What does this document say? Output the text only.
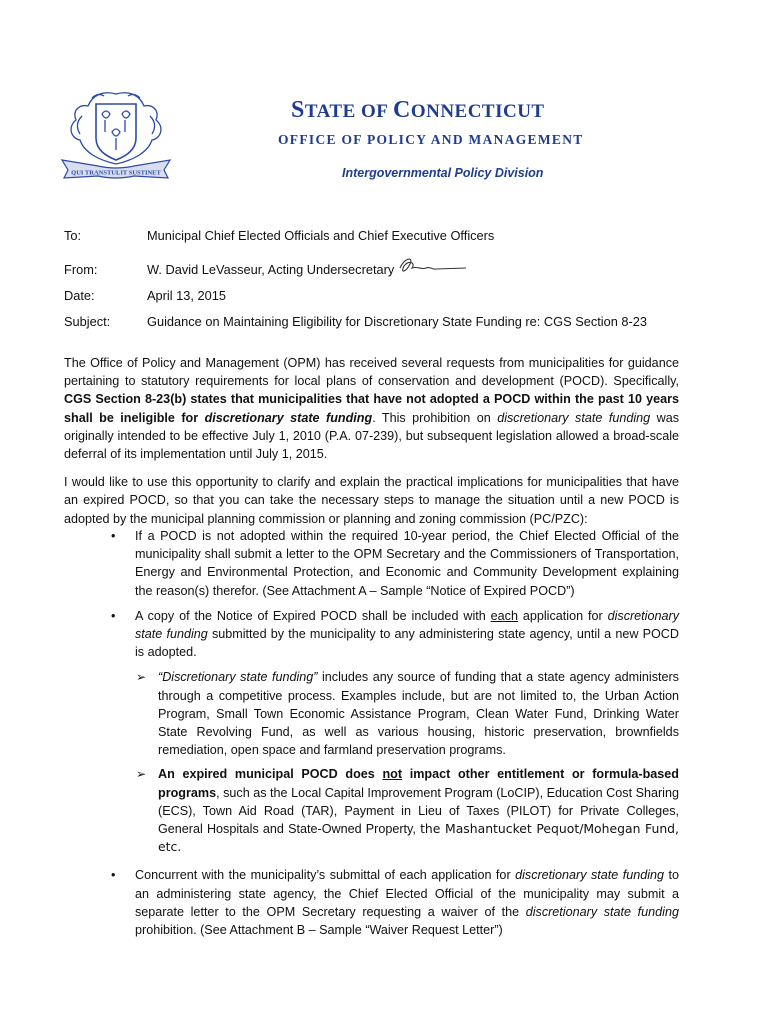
QUI TRANSTULIT SUSTINET
STATE OF CONNECTICUT
OFFICE OF POLICY AND MANAGEMENT
Intergovernmental Policy Division
To:	Municipal Chief Elected Officials and Chief Executive Officers
From:	W. David LeVasseur, Acting Undersecretary
Date:	April 13, 2015
Subject:	Guidance on Maintaining Eligibility for Discretionary State Funding re: CGS Section 8-23

The Office of Policy and Management (OPM) has received several requests from municipalities for guidance pertaining to statutory requirements for local plans of conservation and development (POCD). Specifically, CGS Section 8-23(b) states that municipalities that have not adopted a POCD within the past 10 years shall be ineligible for discretionary state funding. This prohibition on discretionary state funding was originally intended to be effective July 1, 2010 (P.A. 07-239), but subsequent legislation allowed a broad-scale deferral of its implementation until July 1, 2015.

I would like to use this opportunity to clarify and explain the practical implications for municipalities that have an expired POCD, so that you can take the necessary steps to manage the situation until a new POCD is adopted by the municipal planning commission or planning and zoning commission (PC/PZC):

• If a POCD is not adopted within the required 10-year period, the Chief Elected Official of the municipality shall submit a letter to the OPM Secretary and the Commissioners of Transportation, Energy and Environmental Protection, and Economic and Community Development explaining the reason(s) therefor. (See Attachment A – Sample “Notice of Expired POCD”)
• A copy of the Notice of Expired POCD shall be included with each application for discretionary state funding submitted by the municipality to any administering state agency, until a new POCD is adopted.
➢ “Discretionary state funding” includes any source of funding that a state agency administers through a competitive process. Examples include, but are not limited to, the Urban Action Program, Small Town Economic Assistance Program, Clean Water Fund, Drinking Water State Revolving Fund, as well as various housing, historic preservation, brownfields remediation, open space and farmland preservation programs.
➢ An expired municipal POCD does not impact other entitlement or formula-based programs, such as the Local Capital Improvement Program (LoCIP), Education Cost Sharing (ECS), Town Aid Road (TAR), Payment in Lieu of Taxes (PILOT) for Private Colleges, General Hospitals and State-Owned Property, the Mashantucket Pequot/Mohegan Fund, etc.
• Concurrent with the municipality’s submittal of each application for discretionary state funding to an administering state agency, the Chief Elected Official of the municipality may submit a separate letter to the OPM Secretary requesting a waiver of the discretionary state funding prohibition. (See Attachment B – Sample “Waiver Request Letter”)
